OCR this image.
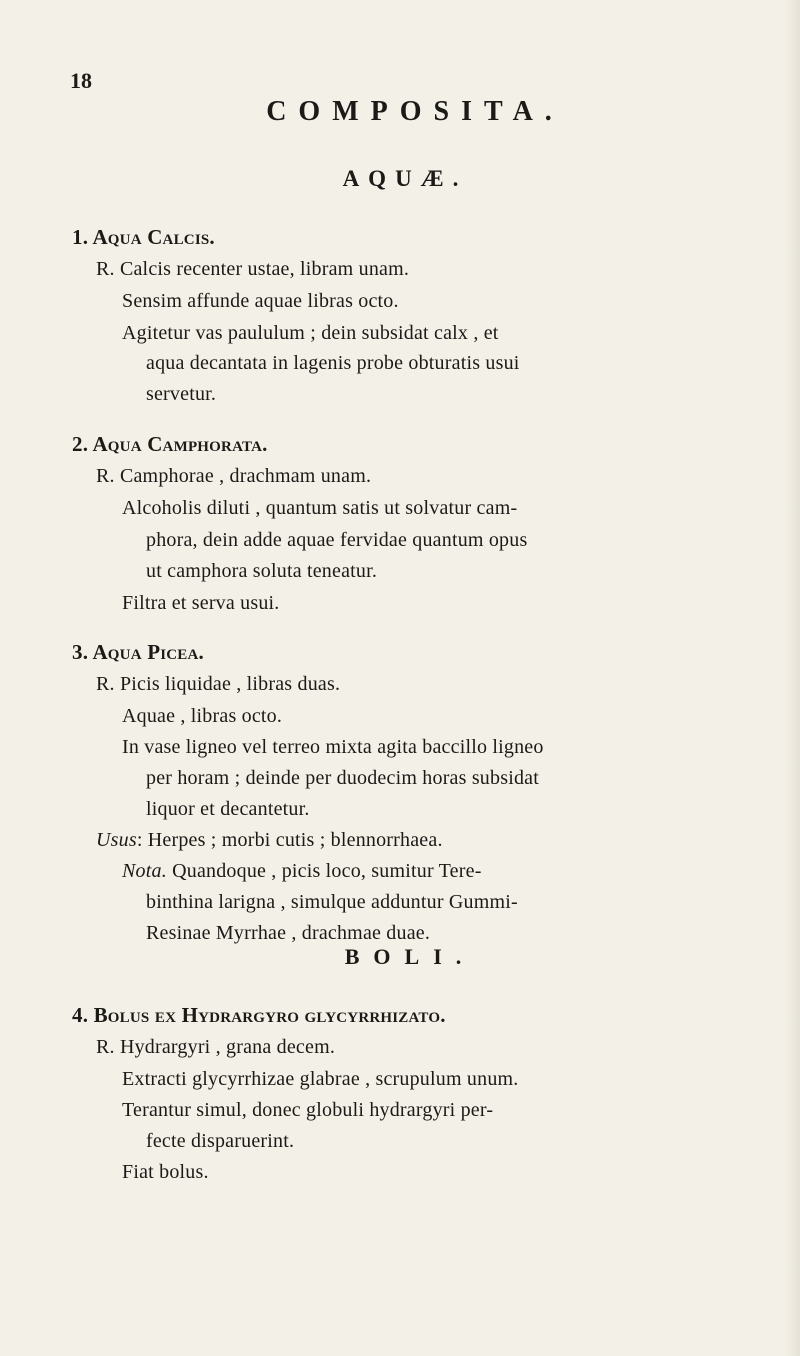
18
COMPOSITA.
AQUÆ.
1. Aqua Calcis.
R. Calcis recenter ustae, libram unam.
Sensim affunde aquae libras octo.
Agitetur vas paululum ; dein subsidat calx , et
aqua decantata in lagenis probe obturatis usui
servetur.
2. Aqua Camphorata.
R. Camphorae , drachmam unam.
Alcoholis diluti , quantum satis ut solvatur cam-
phora, dein adde aquae fervidae quantum opus
ut camphora soluta teneatur.
Filtra et serva usui.
3. Aqua Picea.
R. Picis liquidae , libras duas.
Aquae , libras octo.
In vase ligneo vel terreo mixta agita baccillo ligneo
per horam ; deinde per duodecim horas subsidat
liquor et decantetur.
Usus: Herpes ; morbi cutis ; blennorrhaea.
Nota. Quandoque , picis loco, sumitur Tere-
binthina larigna , simulque adduntur Gummi-
Resinae Myrrhae , drachmae duae.
BOLI.
4. Bolus ex Hydrargyro glycyrrhizato.
R. Hydrargyri , grana decem.
Extracti glycyrrhizae glabrae , scrupulum unum.
Terantur simul, donec globuli hydrargyri per-
fecte disparuerint.
Fiat bolus.
